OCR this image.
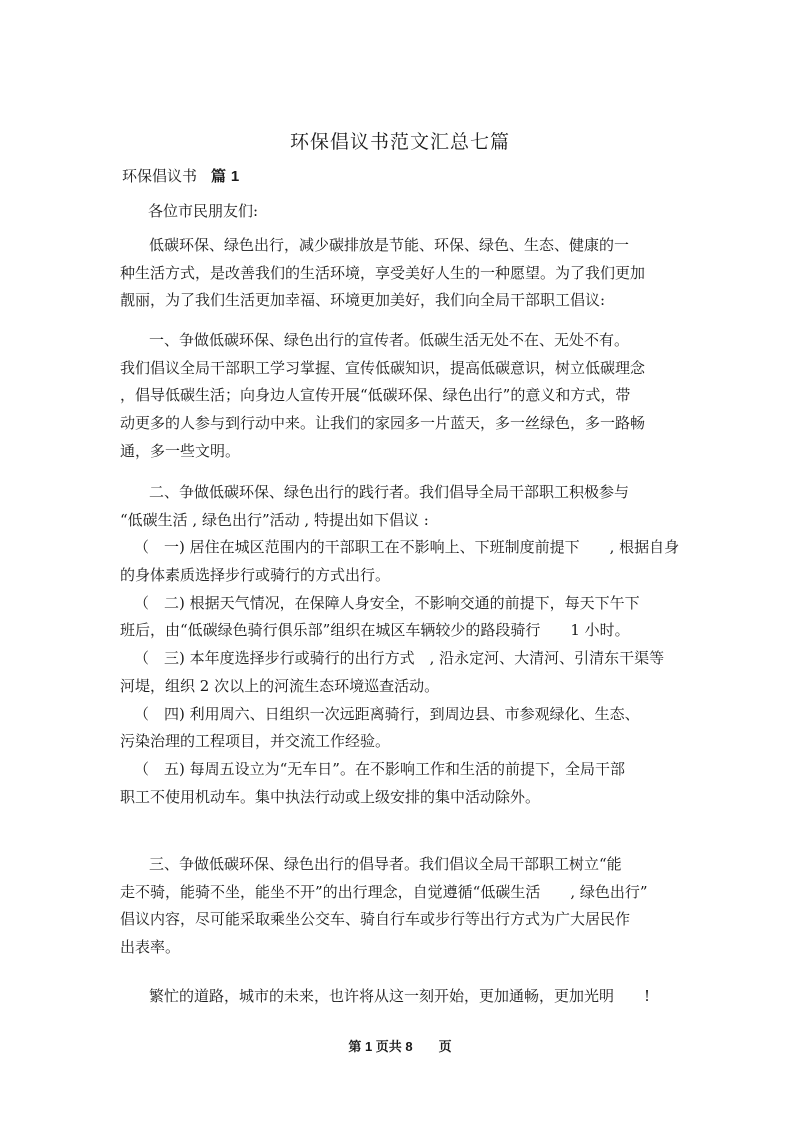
环保倡议书范文汇总七篇
环保倡议书 篇 1
各位市民朋友们:
低碳环保、绿色出行，减少碳排放是节能、环保、绿色、生态、健康的一
种生活方式，是改善我们的生活环境，享受美好人生的一种愿望。为了我们更加
靓丽，为了我们生活更加幸福、环境更加美好，我们向全局干部职工倡议:
一、争做低碳环保、绿色出行的宣传者。低碳生活无处不在、无处不有。
我们倡议全局干部职工学习掌握、宣传低碳知识，提高低碳意识，树立低碳理念
，倡导低碳生活；向身边人宣传开展“低碳环保、绿色出行”的意义和方式，带
动更多的人参与到行动中来。让我们的家园多一片蓝天，多一丝绿色，多一路畅
通，多一些文明。
二、争做低碳环保、绿色出行的践行者。我们倡导全局干部职工积极参与
“低碳生活 , 绿色出行”活动 , 特提出如下倡议 :
（　一) 居住在城区范围内的干部职工在不影响上、下班制度前提下　　, 根据自身
的身体素质选择步行或骑行的方式出行。
（　二) 根据天气情况，在保障人身安全，不影响交通的前提下，每天下午下
班后，由“低碳绿色骑行俱乐部”组织在城区车辆较少的路段骑行　　1 小时。
（　三) 本年度选择步行或骑行的出行方式　, 沿永定河、大清河、引清东干渠等
河堤，组织 2 次以上的河流生态环境巡查活动。
（　四) 利用周六、日组织一次远距离骑行，到周边县、市参观绿化、生态、
污染治理的工程项目，并交流工作经验。
（　五) 每周五设立为“无车日”。在不影响工作和生活的前提下，全局干部
职工不使用机动车。集中执法行动或上级安排的集中活动除外。
三、争做低碳环保、绿色出行的倡导者。我们倡议全局干部职工树立“能
走不骑，能骑不坐，能坐不开”的出行理念，自觉遵循“低碳生活　　, 绿色出行”
倡议内容，尽可能采取乘坐公交车、骑自行车或步行等出行方式为广大居民作
出表率。
繁忙的道路，城市的未来，也许将从这一刻开始，更加通畅，更加光明　　!
第 1 页共 8 页
